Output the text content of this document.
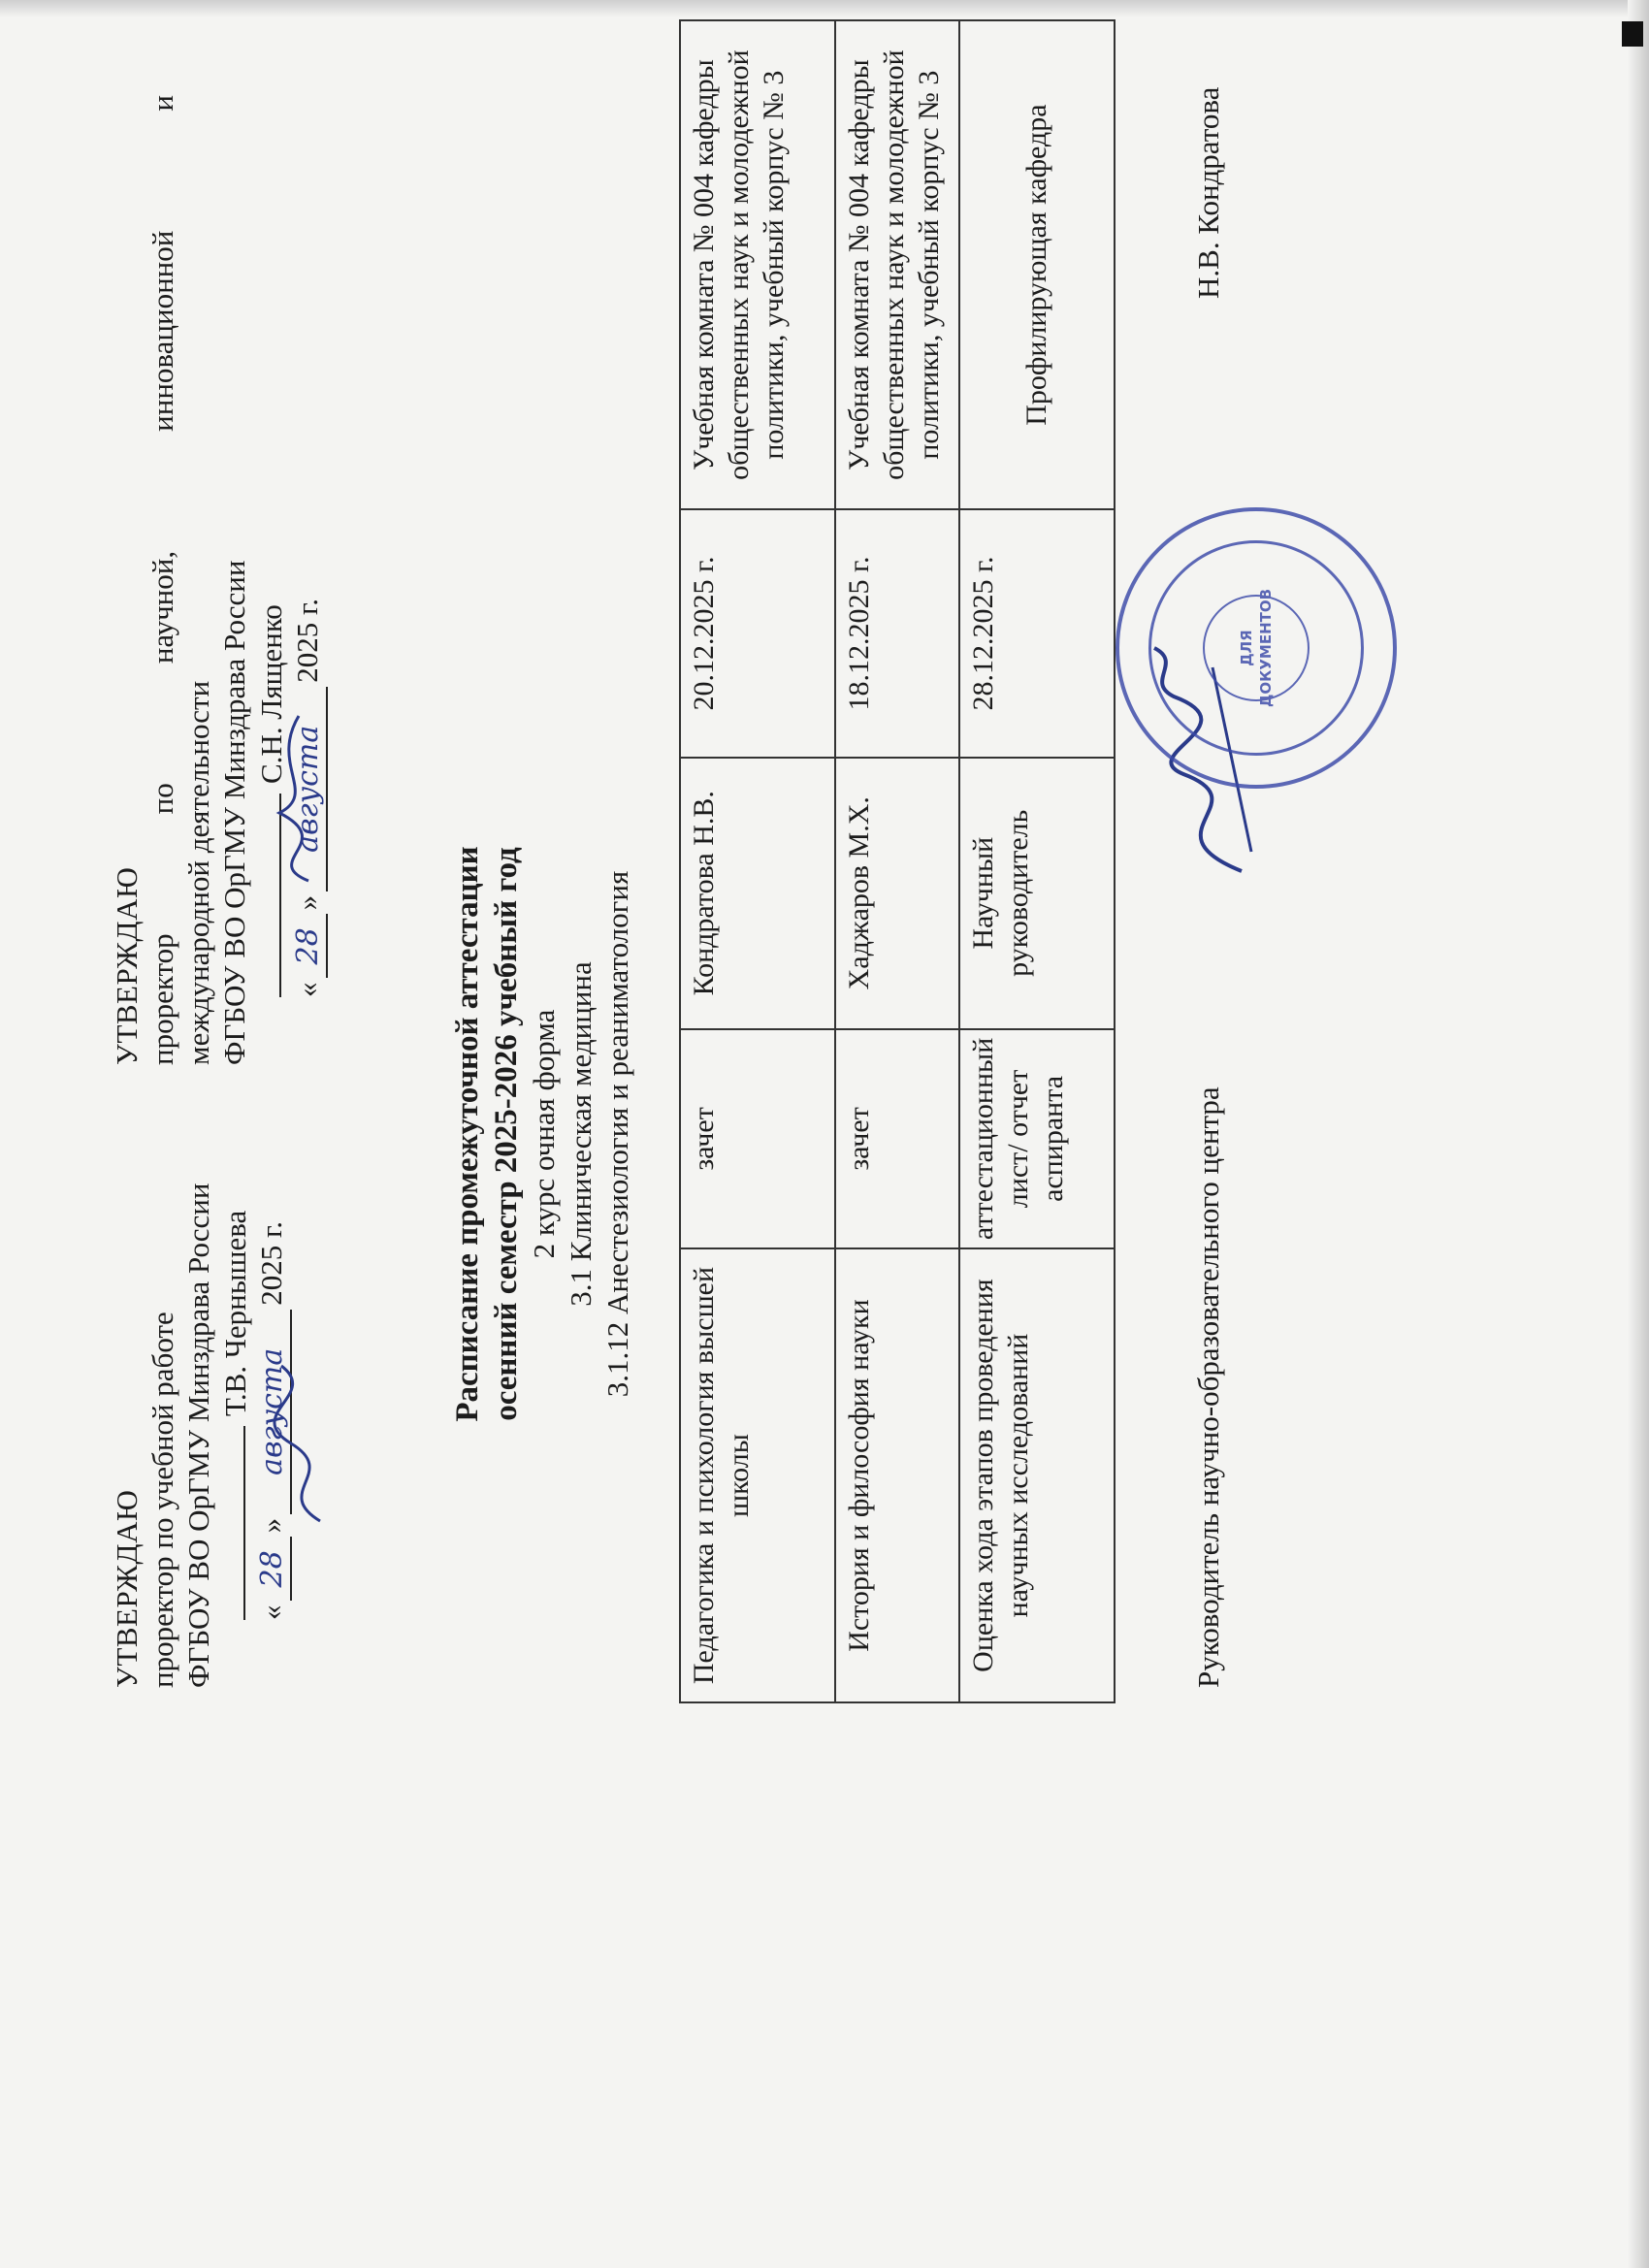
УТВЕРЖДАЮ проректор по учебной работе ФГБОУ ВО ОрГМУ Минздрава России Т.В. Чернышева
«
28
»
августа
2025 г.
УТВЕРЖДАЮ проректор по научной, инновационной и международной деятельности ФГБОУ ВО ОрГМУ Минздрава России С.Н. Лященко
«
28
»
августа
2025 г.
Расписание промежуточной аттестации осенний семестр 2025-2026 учебный год 2 курс очная форма 3.1 Клиническая медицина 3.1.12 Анестезиология и реаниматология
Педагогика и психология высшей школы	зачет	Кондратова Н.В.	20.12.2025 г.	Учебная комната № 004 кафедры общественных наук и молодежной политики, учебный корпус № 3
История и философия науки	зачет	Хаджаров М.Х.	18.12.2025 г.	Учебная комната № 004 кафедры общественных наук и молодежной политики, учебный корпус № 3
Оценка хода этапов проведения научных исследований	аттестационный лист/ отчет аспиранта	Научный руководитель	28.12.2025 г.	Профилирующая кафедра
Руководитель научно-образовательного центра
Н.В. Кондратова
ДЛЯ ДОКУМЕНТОВ
